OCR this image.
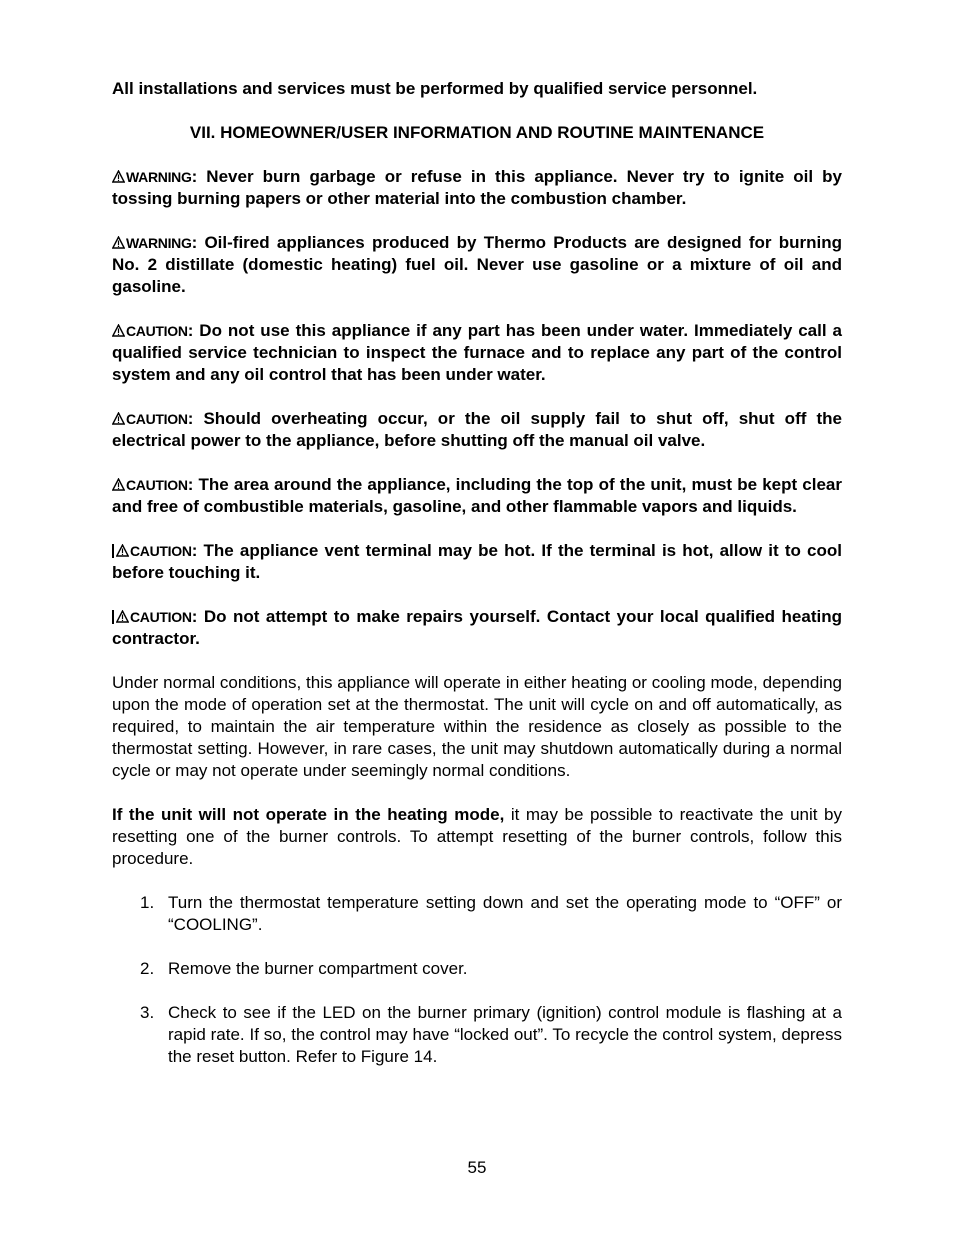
All installations and services must be performed by qualified service personnel.

VII. HOMEOWNER/USER INFORMATION AND ROUTINE MAINTENANCE

WARNING: Never burn garbage or refuse in this appliance. Never try to ignite oil by tossing burning papers or other material into the combustion chamber.

WARNING: Oil-fired appliances produced by Thermo Products are designed for burning No. 2 distillate (domestic heating) fuel oil. Never use gasoline or a mixture of oil and gasoline.

CAUTION: Do not use this appliance if any part has been under water. Immediately call a qualified service technician to inspect the furnace and to replace any part of the control system and any oil control that has been under water.

CAUTION: Should overheating occur, or the oil supply fail to shut off, shut off the electrical power to the appliance, before shutting off the manual oil valve.

CAUTION: The area around the appliance, including the top of the unit, must be kept clear and free of combustible materials, gasoline, and other flammable vapors and liquids.

CAUTION: The appliance vent terminal may be hot. If the terminal is hot, allow it to cool before touching it.

CAUTION: Do not attempt to make repairs yourself. Contact your local qualified heating contractor.

Under normal conditions, this appliance will operate in either heating or cooling mode, depending upon the mode of operation set at the thermostat. The unit will cycle on and off automatically, as required, to maintain the air temperature within the residence as closely as possible to the thermostat setting. However, in rare cases, the unit may shutdown automatically during a normal cycle or may not operate under seemingly normal conditions.

If the unit will not operate in the heating mode, it may be possible to reactivate the unit by resetting one of the burner controls. To attempt resetting of the burner controls, follow this procedure.

1. Turn the thermostat temperature setting down and set the operating mode to “OFF” or “COOLING”.
2. Remove the burner compartment cover.
3. Check to see if the LED on the burner primary (ignition) control module is flashing at a rapid rate. If so, the control may have “locked out”. To recycle the control system, depress the reset button. Refer to Figure 14.
55
